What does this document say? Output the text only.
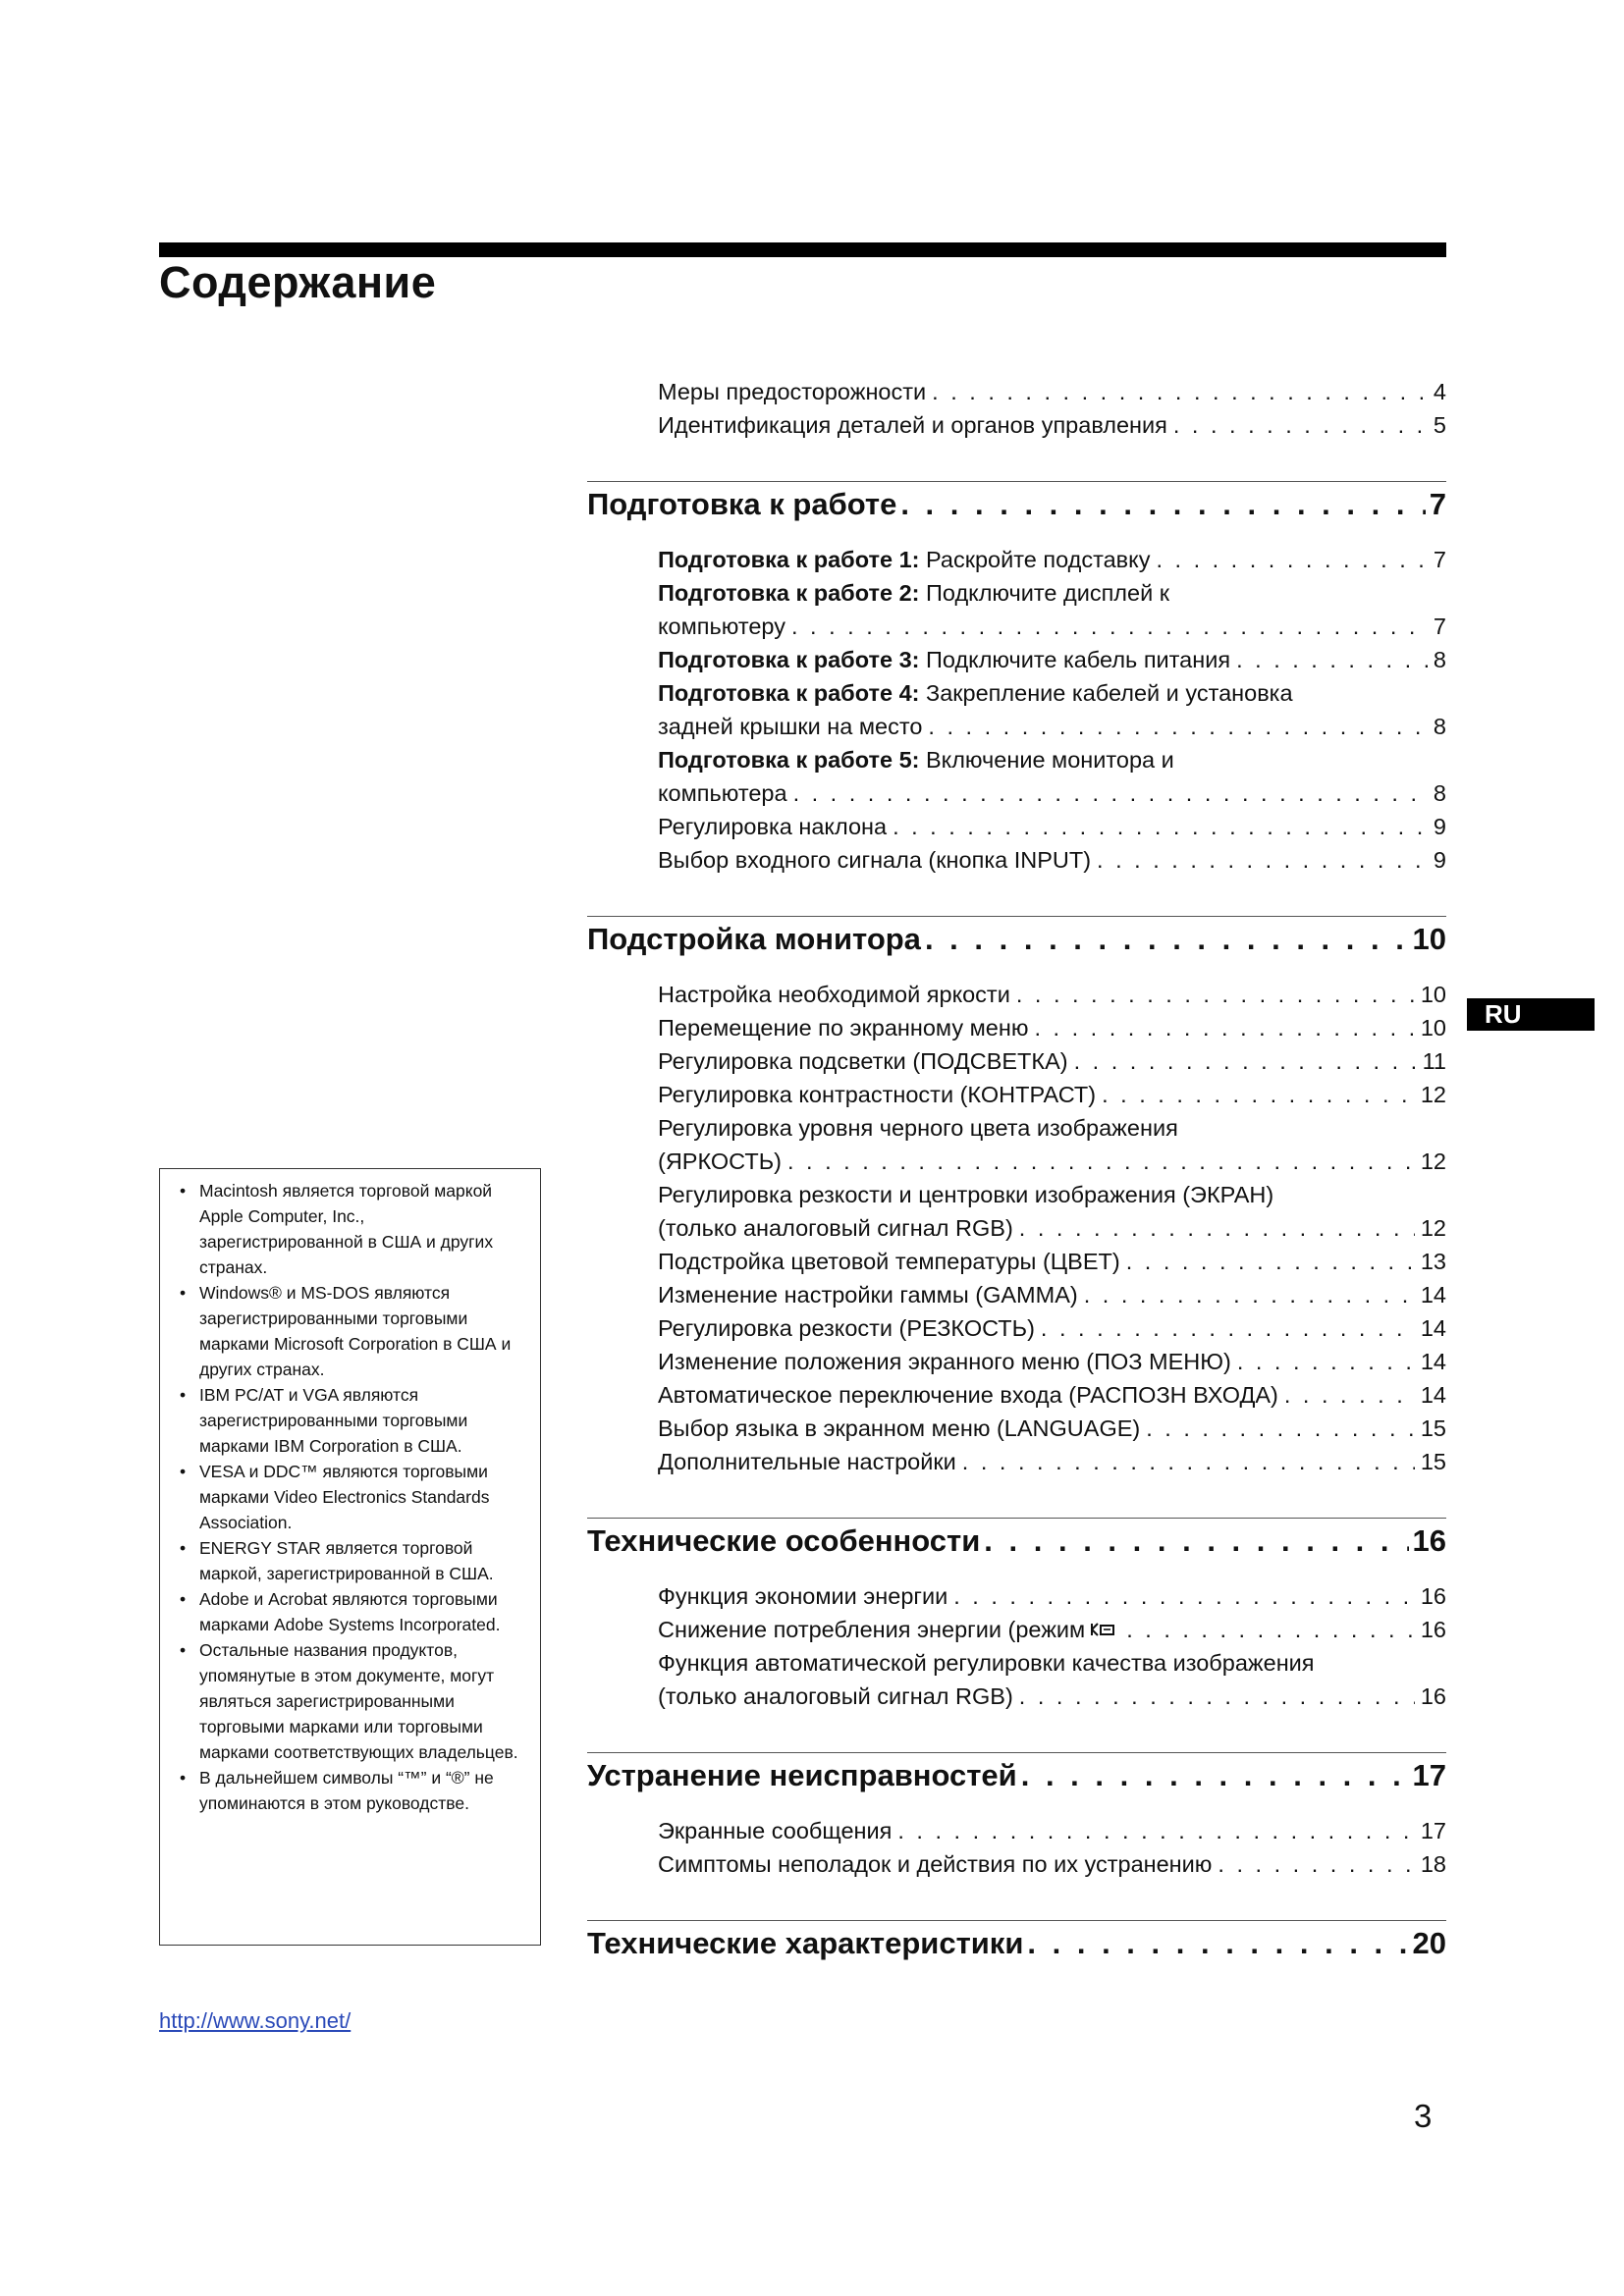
Содержание
Меры предосторожности . . .	4
Идентификация деталей и органов управления . . .	5
Подготовка к работе . . .	7
Подготовка к работе 1: Раскройте подставку . . .	7
Подготовка к работе 2: Подключите дисплей к
компьютеру . . .	7
Подготовка к работе 3: Подключите кабель питания . . .	8
Подготовка к работе 4: Закрепление кабелей и установка
задней крышки на место . . .	8
Подготовка к работе 5: Включение монитора и
компьютера . . .	8
Регулировка наклона . . .	9
Выбор входного сигнала (кнопка INPUT) . . .	9
Подстройка монитора . . .	10
Настройка необходимой яркости . . .	10
Перемещение по экранному меню . . .	10
Регулировка подсветки (ПОДСВЕТКА) . . .	11
Регулировка контрастности (КОНТРАСТ) . . .	12
Регулировка уровня черного цвета изображения
(ЯРКОСТЬ) . . .	12
Регулировка резкости и центровки изображения (ЭКРАН)
(только аналоговый сигнал RGB) . . .	12
Подстройка цветовой температуры (ЦВЕТ) . . .	13
Изменение настройки гаммы (GAMMA) . . .	14
Регулировка резкости (РЕЗКОСТЬ) . . .	14
Изменение положения экранного меню (ПОЗ МЕНЮ) . . .	14
Автоматическое переключение входа (РАСПОЗН ВХОДА) . . .	14
Выбор языка в экранном меню (LANGUAGE) . . .	15
Дополнительные настройки . . .	15
Технические особенности . . .	16
Функция экономии энергии . . .	16
Снижение потребления энергии (режим . . .	16
Функция автоматической регулировки качества изображения
(только аналоговый сигнал RGB) . . .	16
Устранение неисправностей . . .	17
Экранные сообщения . . .	17
Симптомы неполадок и действия по их устранению . . .	18
Технические характеристики . . .	20
RU
• Macintosh является торговой маркой Apple Computer, Inc., зарегистрированной в США и других странах.
• Windows® и MS-DOS являются зарегистрированными торговыми марками Microsoft Corporation в США и других странах.
• IBM PC/AT и VGA являются зарегистрированными торговыми марками IBM Corporation в США.
• VESA и DDC™ являются торговыми марками Video Electronics Standards Association.
• ENERGY STAR является торговой маркой, зарегистрированной в США.
• Adobe и Acrobat являются торговыми марками Adobe Systems Incorporated.
• Остальные названия продуктов, упомянутые в этом документе, могут являться зарегистрированными торговыми марками или торговыми марками соответствующих владельцев.
• В дальнейшем символы “™” и “®” не упоминаются в этом руководстве.
http://www.sony.net/
3
